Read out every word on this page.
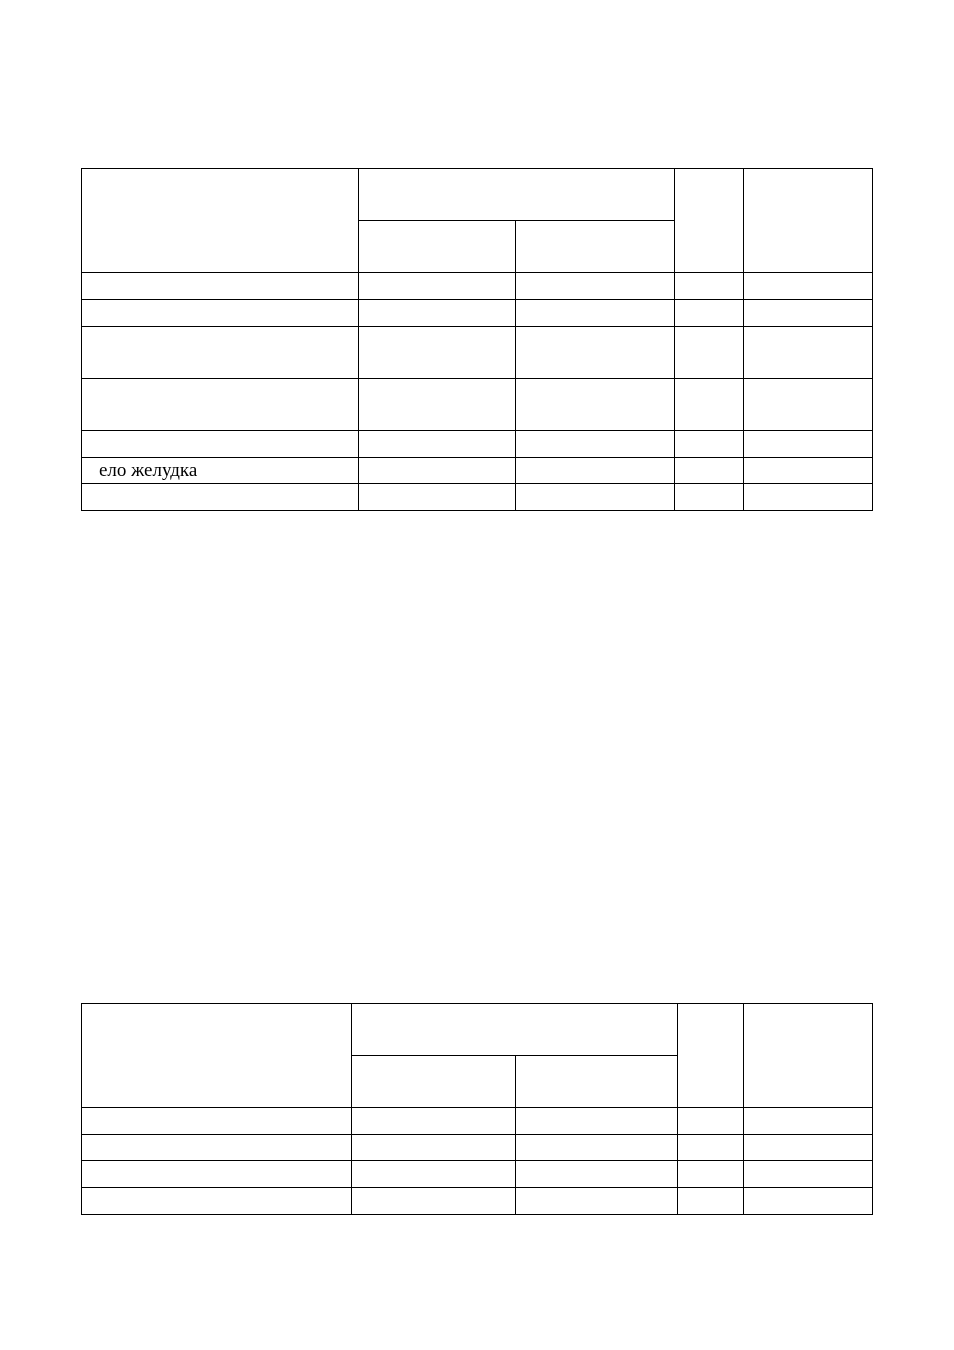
ело желудка				
